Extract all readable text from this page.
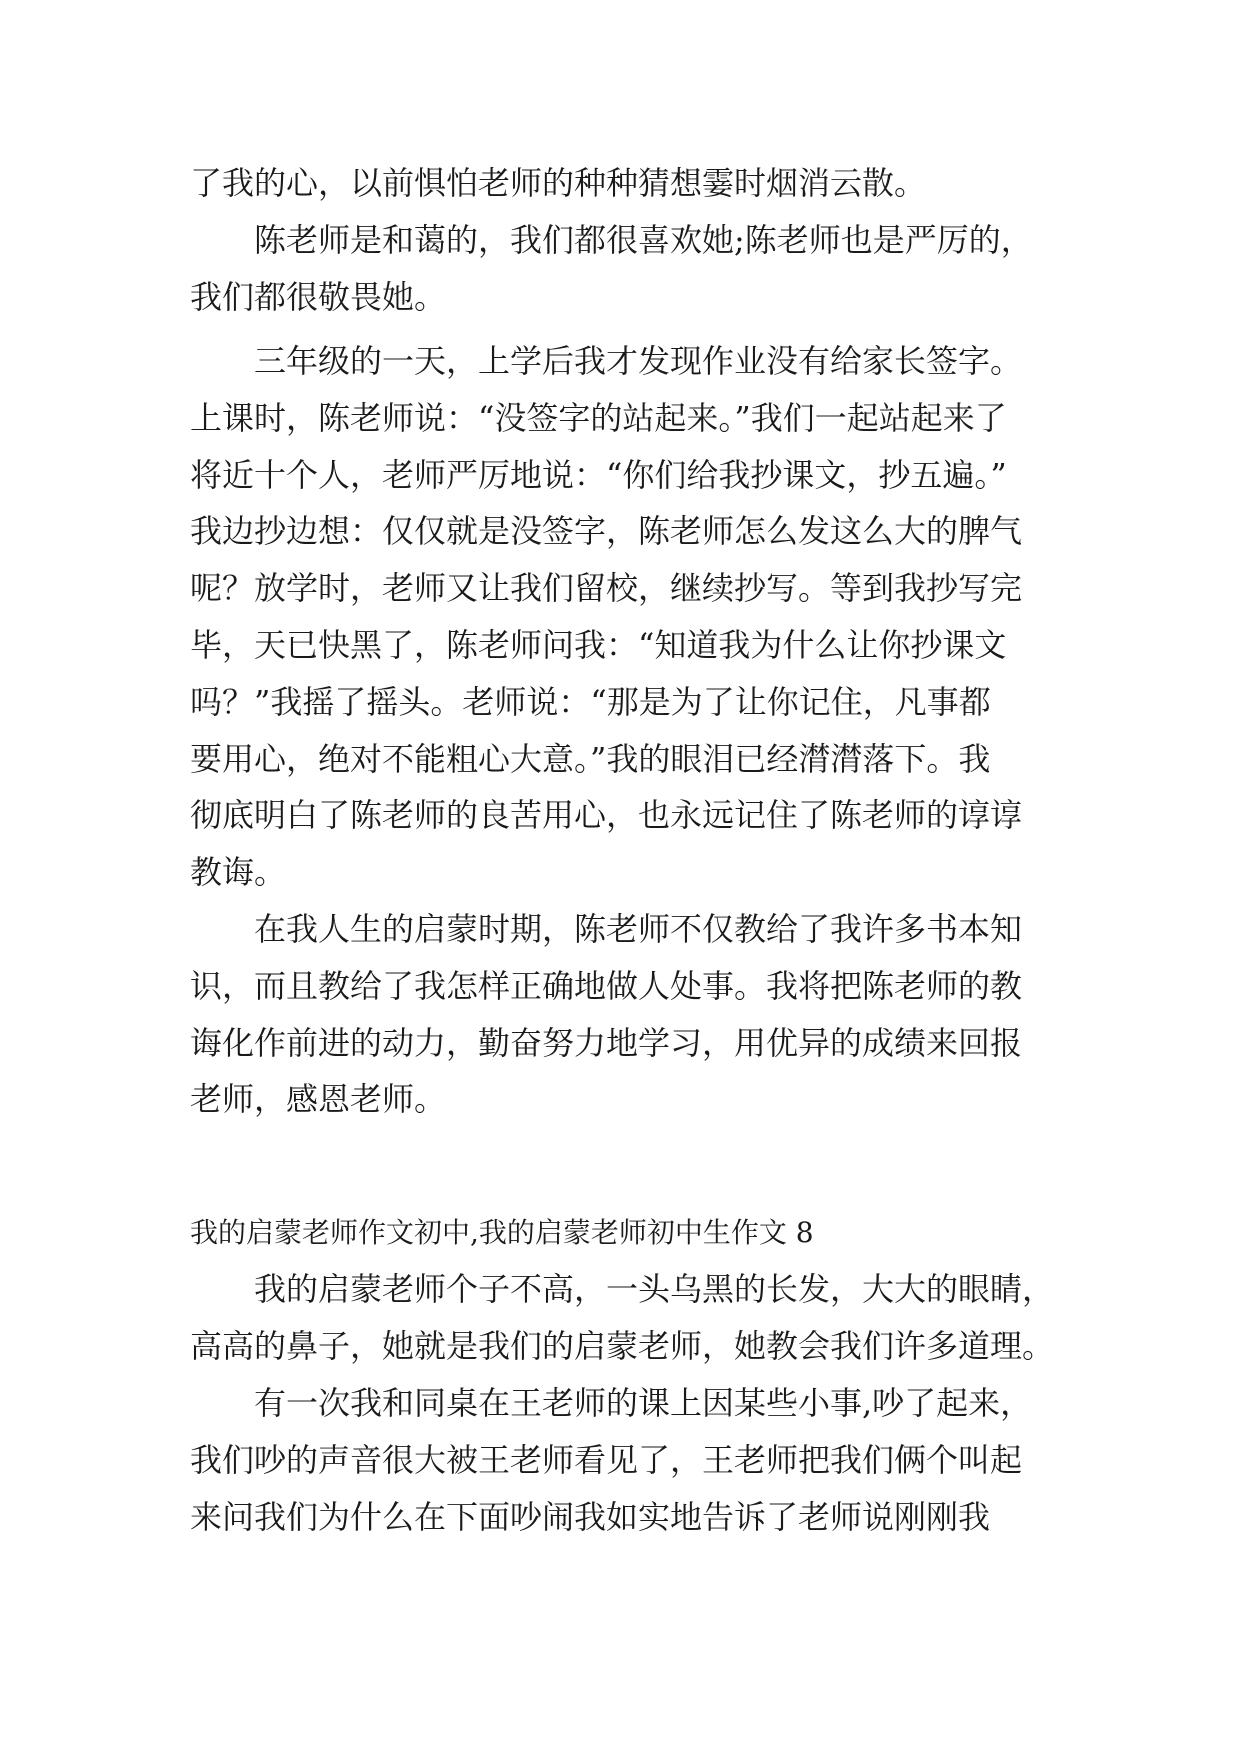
了我的心，以前惧怕老师的种种猜想霎时烟消云散。
陈老师是和蔼的，我们都很喜欢她;陈老师也是严厉的，
我们都很敬畏她。
三年级的一天，上学后我才发现作业没有给家长签字。
上课时，陈老师说：“没签字的站起来。”我们一起站起来了
将近十个人，老师严厉地说：“你们给我抄课文，抄五遍。”
我边抄边想：仅仅就是没签字，陈老师怎么发这么大的脾气
呢？放学时，老师又让我们留校，继续抄写。等到我抄写完
毕，天已快黑了，陈老师问我：“知道我为什么让你抄课文
吗？”我摇了摇头。老师说：“那是为了让你记住，凡事都
要用心，绝对不能粗心大意。”我的眼泪已经潸潸落下。我
彻底明白了陈老师的良苦用心，也永远记住了陈老师的谆谆
教诲。
在我人生的启蒙时期，陈老师不仅教给了我许多书本知
识，而且教给了我怎样正确地做人处事。我将把陈老师的教
诲化作前进的动力，勤奋努力地学习，用优异的成绩来回报
老师，感恩老师。
我的启蒙老师作文初中,我的启蒙老师初中生作文 8
我的启蒙老师个子不高，一头乌黑的长发，大大的眼睛，
高高的鼻子，她就是我们的启蒙老师，她教会我们许多道理。
有一次我和同桌在王老师的课上因某些小事,吵了起来，
我们吵的声音很大被王老师看见了，王老师把我们俩个叫起
来问我们为什么在下面吵闹我如实地告诉了老师说刚刚我
